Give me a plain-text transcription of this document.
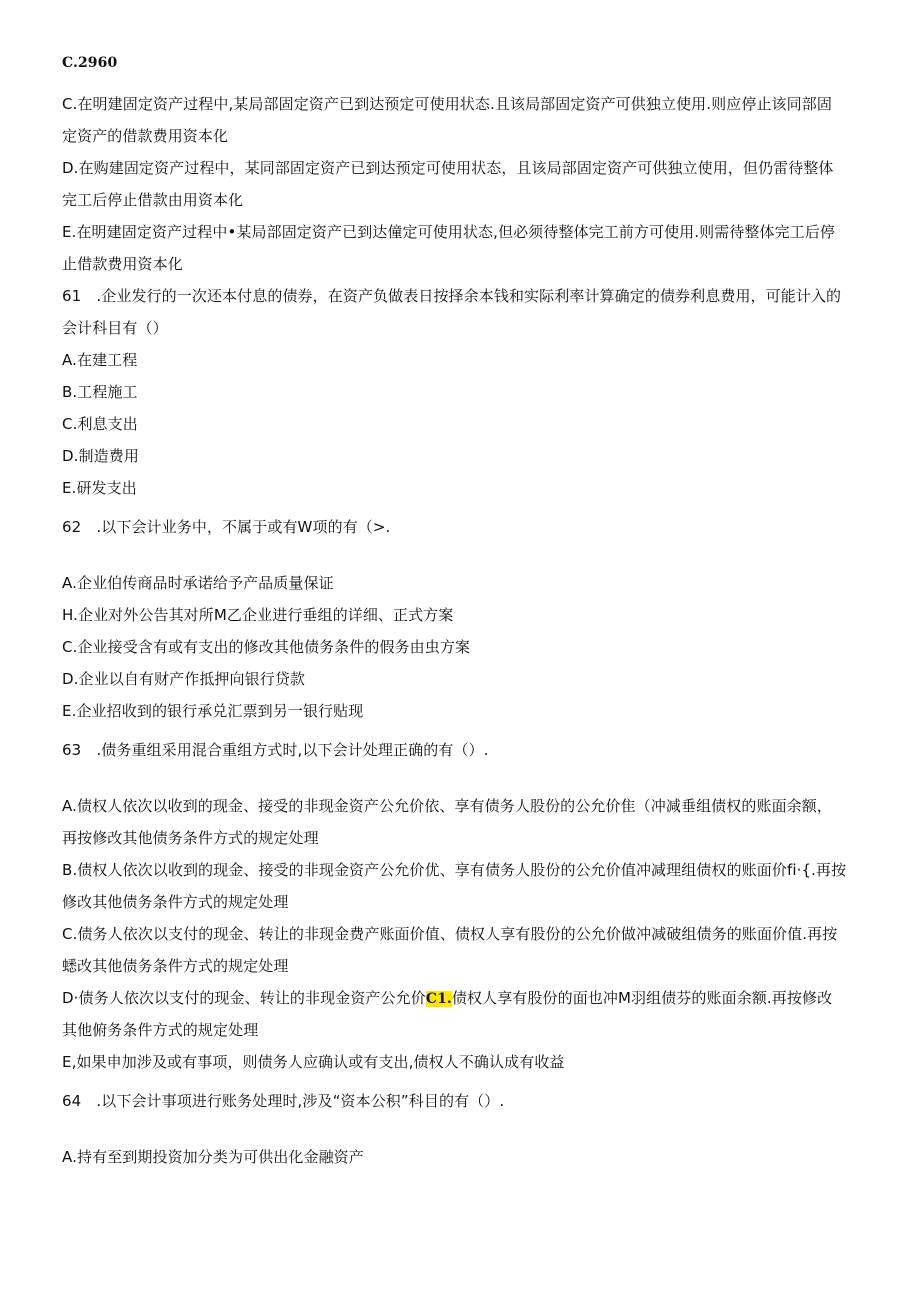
C.2960
C.在明建固定资产过程中,某局部固定资产已到达预定可使用状态.且该局部固定资产可供独立使用.则应停止该同部固
定资产的借款费用资本化
D.在购建固定资产过程中，某同部固定资产已到达预定可使用状态，且该局部固定资产可供独立使用，但仍雷待整体
完工后停止借款由用资本化
E.在明建固定资产过程中•某局部固定资产已到达僮定可使用状态,但必须待整体完工前方可使用.则需待整体完工后停
止借款费用资本化
61　.企业发行的一次还本付息的债券，在资产负做表日按择余本钱和实际利率计算确定的债券利息费用，可能计入的
会计科目有（）
A.在建工程
B.工程施工
C.利息支出
D.制造费用
E.研发支出
62　.以下会计业务中，不属于或有W项的有（>.
A.企业伯传商品时承诺给予产品质量保证
H.企业对外公告其对所M乙企业进行垂组的详细、正式方案
C.企业接受含有或有支出的修改其他债务条件的假务由虫方案
D.企业以自有财产作抵押向银行贷款
E.企业招收到的银行承兑汇票到另一银行贴现
63　.债务重组采用混合重组方式时,以下会计处理正确的有（）.
A.债权人依次以收到的现金、接受的非现金资产公允价依、享有债务人股份的公允价隹（冲减垂组债权的账面余额，
再按修改其他债务条件方式的规定处理
B.债权人依次以收到的现金、接受的非现金资产公允价优、享有债务人股份的公允价值冲减理组债权的账面价fi·{.再按
修改其他债务条件方式的规定处理
C.债务人依次以支付的现金、转让的非现金费产账面价值、债权人享有股份的公允价做冲减破组债务的账面价值.再按
蟋改其他债务条件方式的规定处理
D·债务人依次以支付的现金、转让的非现金资产公允价C1.债权人享有股份的面也冲M羽组债芬的账面余额.再按修改
其他俯务条件方式的规定处理
E,如果申加涉及或有事项，则债务人应确认或有支出,债权人不确认成有收益
64　.以下会计事项进行账务处理时,涉及“资本公积”科目的有（）.
A.持有至到期投资加分类为可供出化金融资产
